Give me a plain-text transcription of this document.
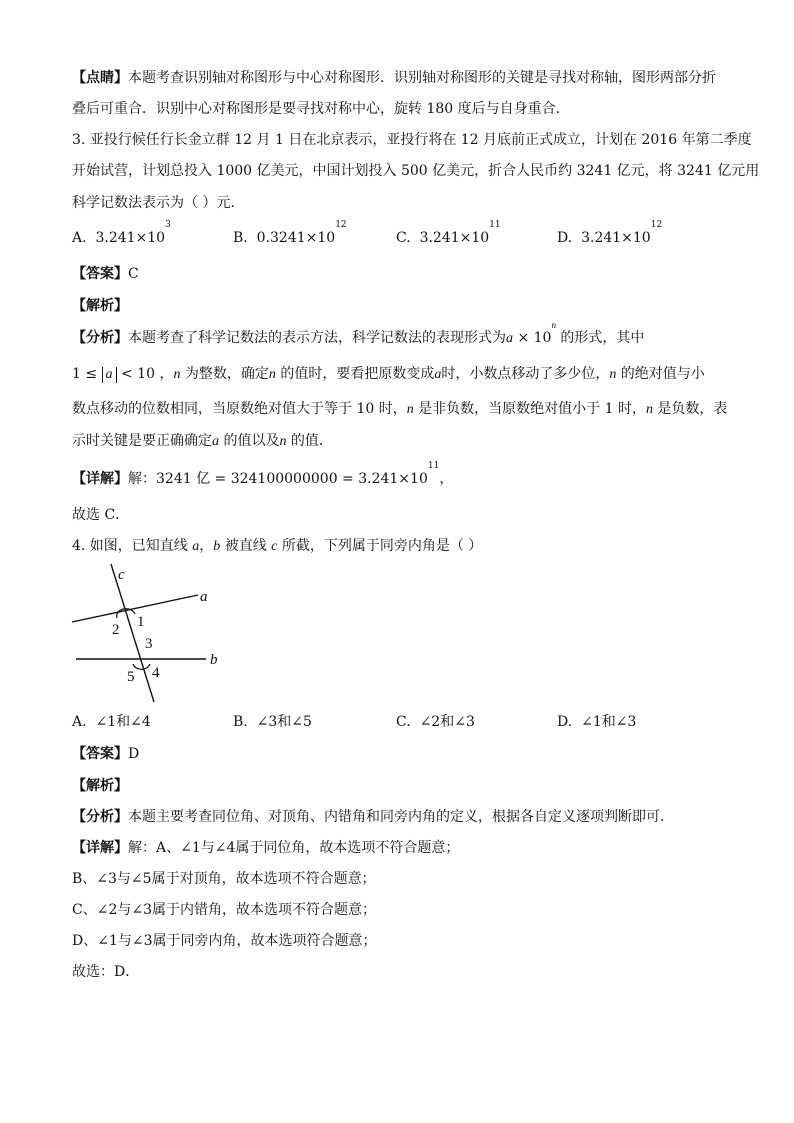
【点睛】本题考查识别轴对称图形与中心对称图形．识别轴对称图形的关键是寻找对称轴，图形两部分折
叠后可重合．识别中心对称图形是要寻找对称中心，旋转 180 度后与自身重合．
3. 亚投行候任行长金立群 12 月 1 日在北京表示，亚投行将在 12 月底前正式成立，计划在 2016 年第二季度
开始试营，计划总投入 1000 亿美元，中国计划投入 500 亿美元，折合人民币约 3241 亿元，将 3241 亿元用
科学记数法表示为（ ）元．
A. $3.241\times 10^3$
B. $0.3241\times 10^{12}$
C. $3.241\times 10^{11}$
D. $3.241\times 10^{12}$
【答案】C
【解析】
【分析】本题考查了科学记数法的表示方法，科学记数法的表现形式为$a \times 10^n$ 的形式，其中
1 ≤ a < 10 ，n 为整数，确定n 的值时，要看把原数变成a时，小数点移动了多少位，n 的绝对值与小
数点移动的位数相同，当原数绝对值大于等于 10 时，n 是非负数，当原数绝对值小于 1 时，n 是负数，表
示时关键是要正确确定a 的值以及n 的值．
【详解】解：3241 亿 = $324100000000 = 3.241\times 10^{11}$，
故选 C．
4. 如图，已知直线 a，b 被直线 c 所截，下列属于同旁内角是（ ）
c
a
b
1
2
3
4
5
A. ∠1和∠4	B. ∠3和∠5	C. ∠2和∠3	D. ∠1和∠3
【答案】D
【解析】
【分析】本题主要考查同位角、对顶角、内错角和同旁内角的定义，根据各自定义逐项判断即可．
【详解】解：A、∠1与∠4属于同位角，故本选项不符合题意；
B、∠3与∠5属于对顶角，故本选项不符合题意；
C、∠2与∠3属于内错角，故本选项不符合题意；
D、∠1与∠3属于同旁内角，故本选项符合题意；
故选：D．
